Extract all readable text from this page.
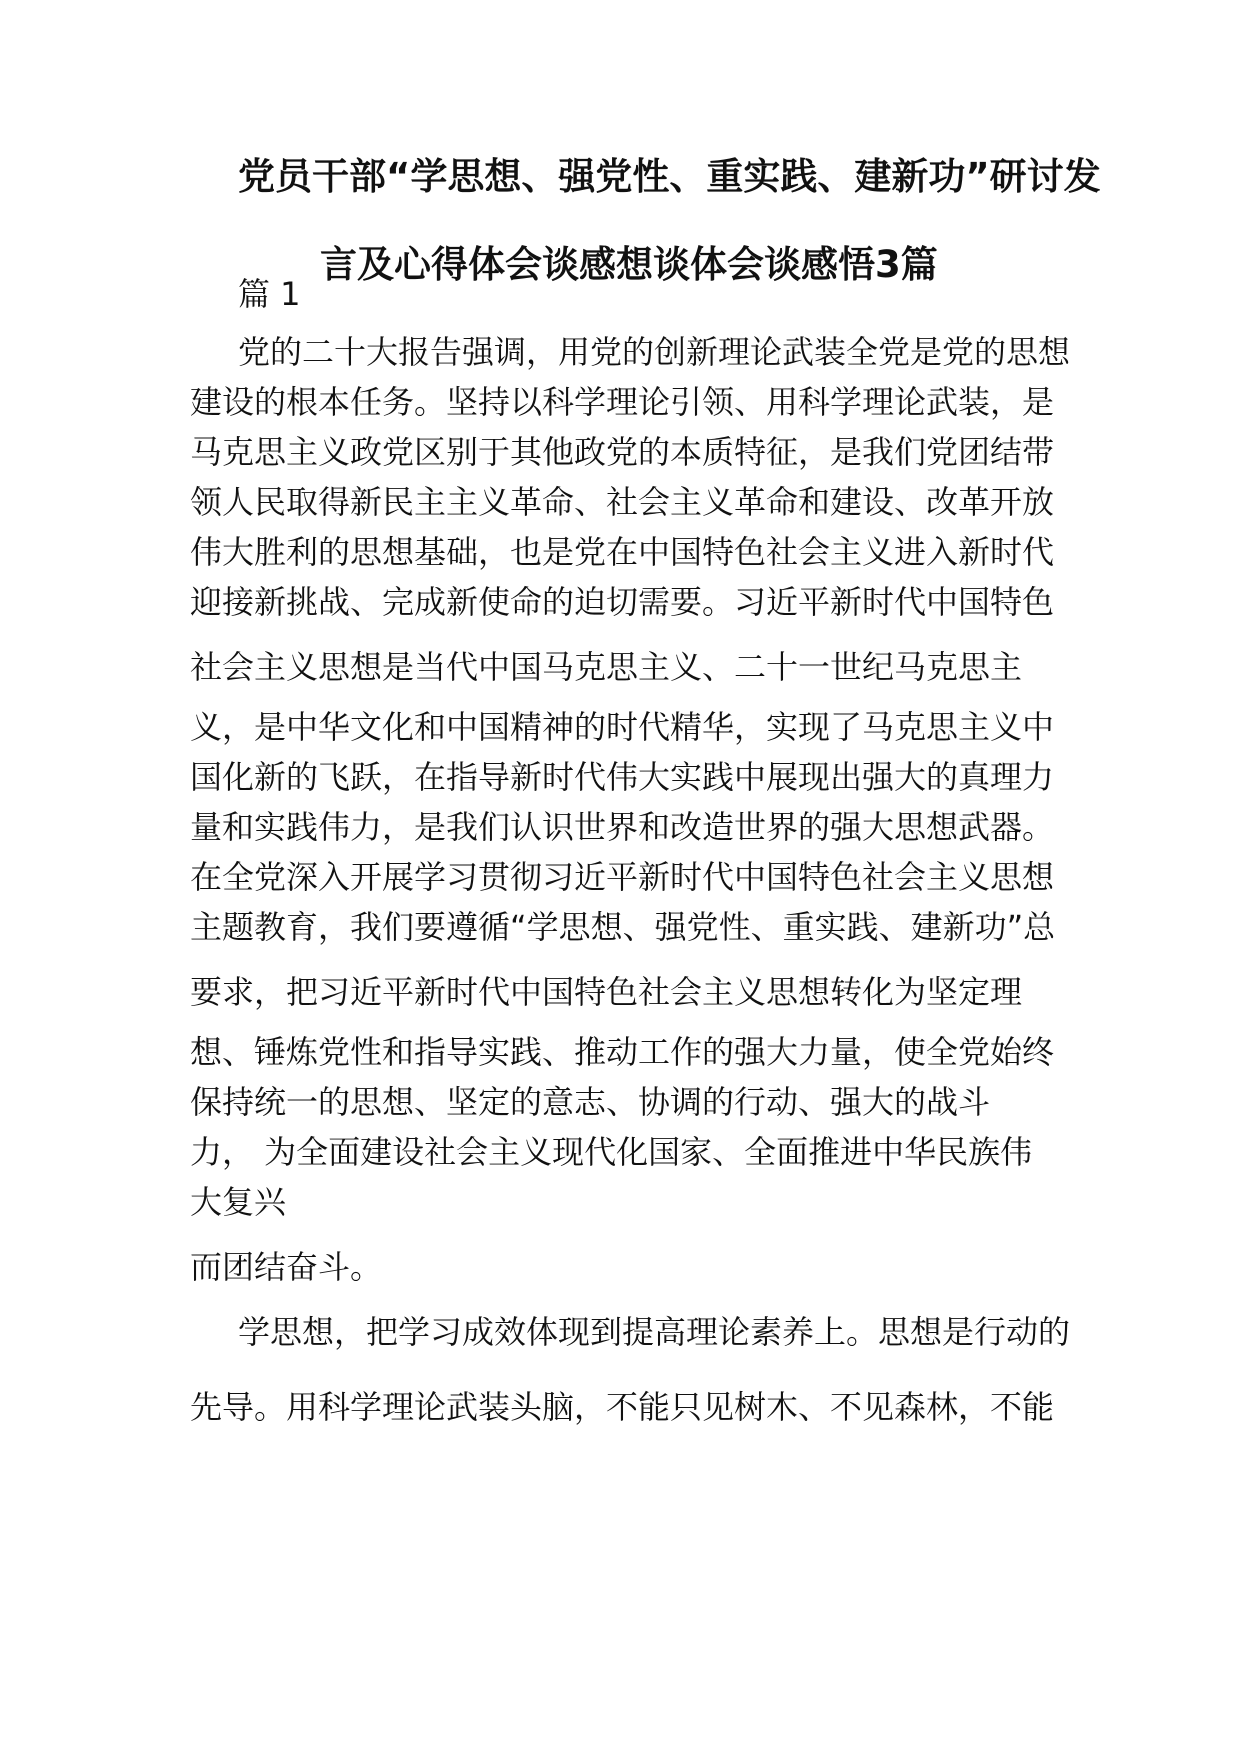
党员干部“学思想、强党性、重实践、建新功”研讨发
言及心得体会谈感想谈体会谈感悟3篇
篇 1
党的二十大报告强调，用党的创新理论武装全党是党的思想
建设的根本任务。坚持以科学理论引领、用科学理论武装，是
马克思主义政党区别于其他政党的本质特征，是我们党团结带
领人民取得新民主主义革命、社会主义革命和建设、改革开放
伟大胜利的思想基础，也是党在中国特色社会主义进入新时代
迎接新挑战、完成新使命的迫切需要。习近平新时代中国特色
社会主义思想是当代中国马克思主义、二十一世纪马克思主
义，是中华文化和中国精神的时代精华，实现了马克思主义中
国化新的飞跃，在指导新时代伟大实践中展现出强大的真理力
量和实践伟力，是我们认识世界和改造世界的强大思想武器。
在全党深入开展学习贯彻习近平新时代中国特色社会主义思想
主题教育，我们要遵循“学思想、强党性、重实践、建新功”总
要求，把习近平新时代中国特色社会主义思想转化为坚定理
想、锤炼党性和指导实践、推动工作的强大力量，使全党始终
保持统一的思想、坚定的意志、协调的行动、强大的战斗
力， 为全面建设社会主义现代化国家、全面推进中华民族伟
大复兴
而团结奋斗。
学思想，把学习成效体现到提高理论素养上。思想是行动的
先导。用科学理论武装头脑，不能只见树木、不见森林，不能
